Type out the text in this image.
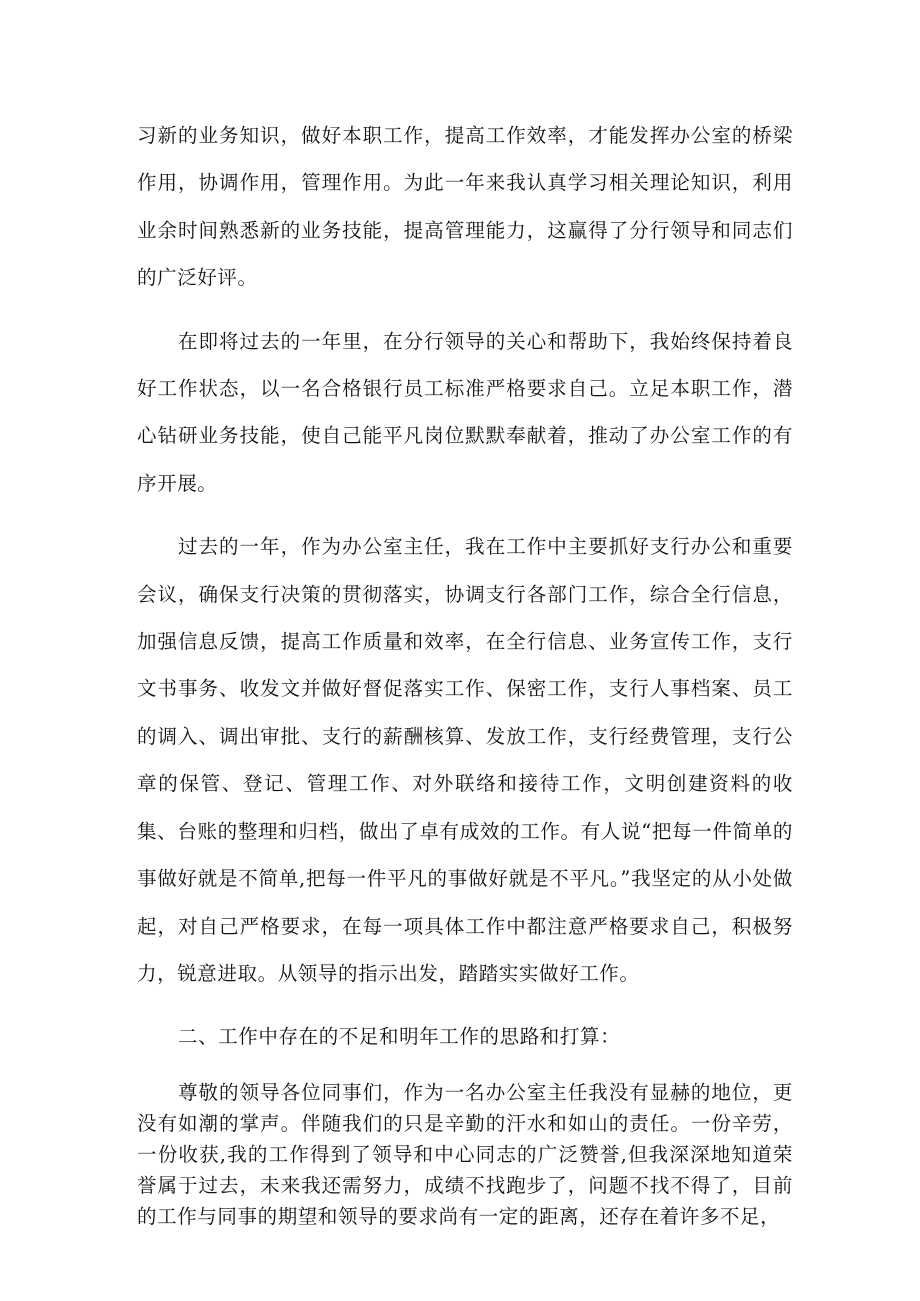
习新的业务知识，做好本职工作，提高工作效率，才能发挥办公室的桥梁作用，协调作用，管理作用。为此一年来我认真学习相关理论知识，利用业余时间熟悉新的业务技能，提高管理能力，这赢得了分行领导和同志们的广泛好评。

在即将过去的一年里，在分行领导的关心和帮助下，我始终保持着良好工作状态，以一名合格银行员工标准严格要求自己。立足本职工作，潜心钻研业务技能，使自己能平凡岗位默默奉献着，推动了办公室工作的有序开展。

过去的一年，作为办公室主任，我在工作中主要抓好支行办公和重要会议，确保支行决策的贯彻落实，协调支行各部门工作，综合全行信息，加强信息反馈，提高工作质量和效率，在全行信息、业务宣传工作，支行文书事务、收发文并做好督促落实工作、保密工作，支行人事档案、员工的调入、调出审批、支行的薪酬核算、发放工作，支行经费管理，支行公章的保管、登记、管理工作、对外联络和接待工作，文明创建资料的收集、台账的整理和归档，做出了卓有成效的工作。有人说“把每一件简单的事做好就是不简单,把每一件平凡的事做好就是不平凡。”我坚定的从小处做起，对自己严格要求，在每一项具体工作中都注意严格要求自己，积极努力，锐意进取。从领导的指示出发，踏踏实实做好工作。

二、工作中存在的不足和明年工作的思路和打算：

尊敬的领导各位同事们，作为一名办公室主任我没有显赫的地位，更没有如潮的掌声。伴随我们的只是辛勤的汗水和如山的责任。一份辛劳，一份收获,我的工作得到了领导和中心同志的广泛赞誉,但我深深地知道荣誉属于过去，未来我还需努力，成绩不找跑步了，问题不找不得了，目前的工作与同事的期望和领导的要求尚有一定的距离，还存在着许多不足，
